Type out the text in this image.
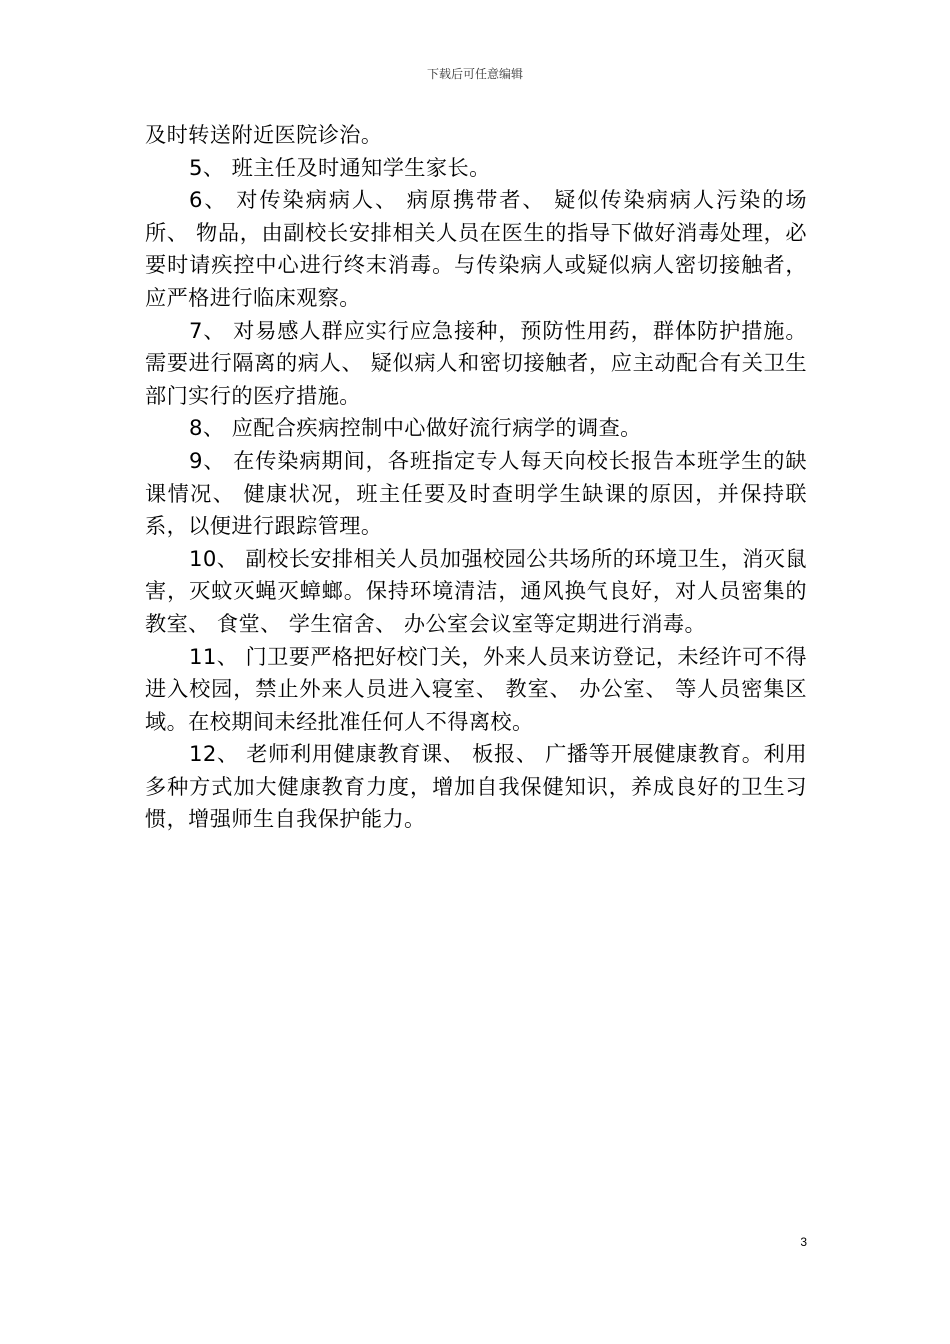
下载后可任意编辑

及时转送附近医院诊治。

5、 班主任及时通知学生家长。

6、 对传染病病人、 病原携带者、 疑似传染病病人污染的场所、 物品，由副校长安排相关人员在医生的指导下做好消毒处理，必要时请疾控中心进行终末消毒。与传染病人或疑似病人密切接触者，应严格进行临床观察。

7、 对易感人群应实行应急接种，预防性用药，群体防护措施。需要进行隔离的病人、 疑似病人和密切接触者，应主动配合有关卫生部门实行的医疗措施。

8、 应配合疾病控制中心做好流行病学的调查。

9、 在传染病期间，各班指定专人每天向校长报告本班学生的缺课情况、 健康状况，班主任要及时查明学生缺课的原因，并保持联系，以便进行跟踪管理。

10、 副校长安排相关人员加强校园公共场所的环境卫生，消灭鼠害，灭蚊灭蝇灭蟑螂。保持环境清洁，通风换气良好，对人员密集的教室、 食堂、 学生宿舍、 办公室会议室等定期进行消毒。

11、 门卫要严格把好校门关，外来人员来访登记，未经许可不得进入校园，禁止外来人员进入寝室、 教室、 办公室、 等人员密集区域。在校期间未经批准任何人不得离校。

12、 老师利用健康教育课、 板报、 广播等开展健康教育。利用多种方式加大健康教育力度，增加自我保健知识，养成良好的卫生习惯，增强师生自我保护能力。

3
